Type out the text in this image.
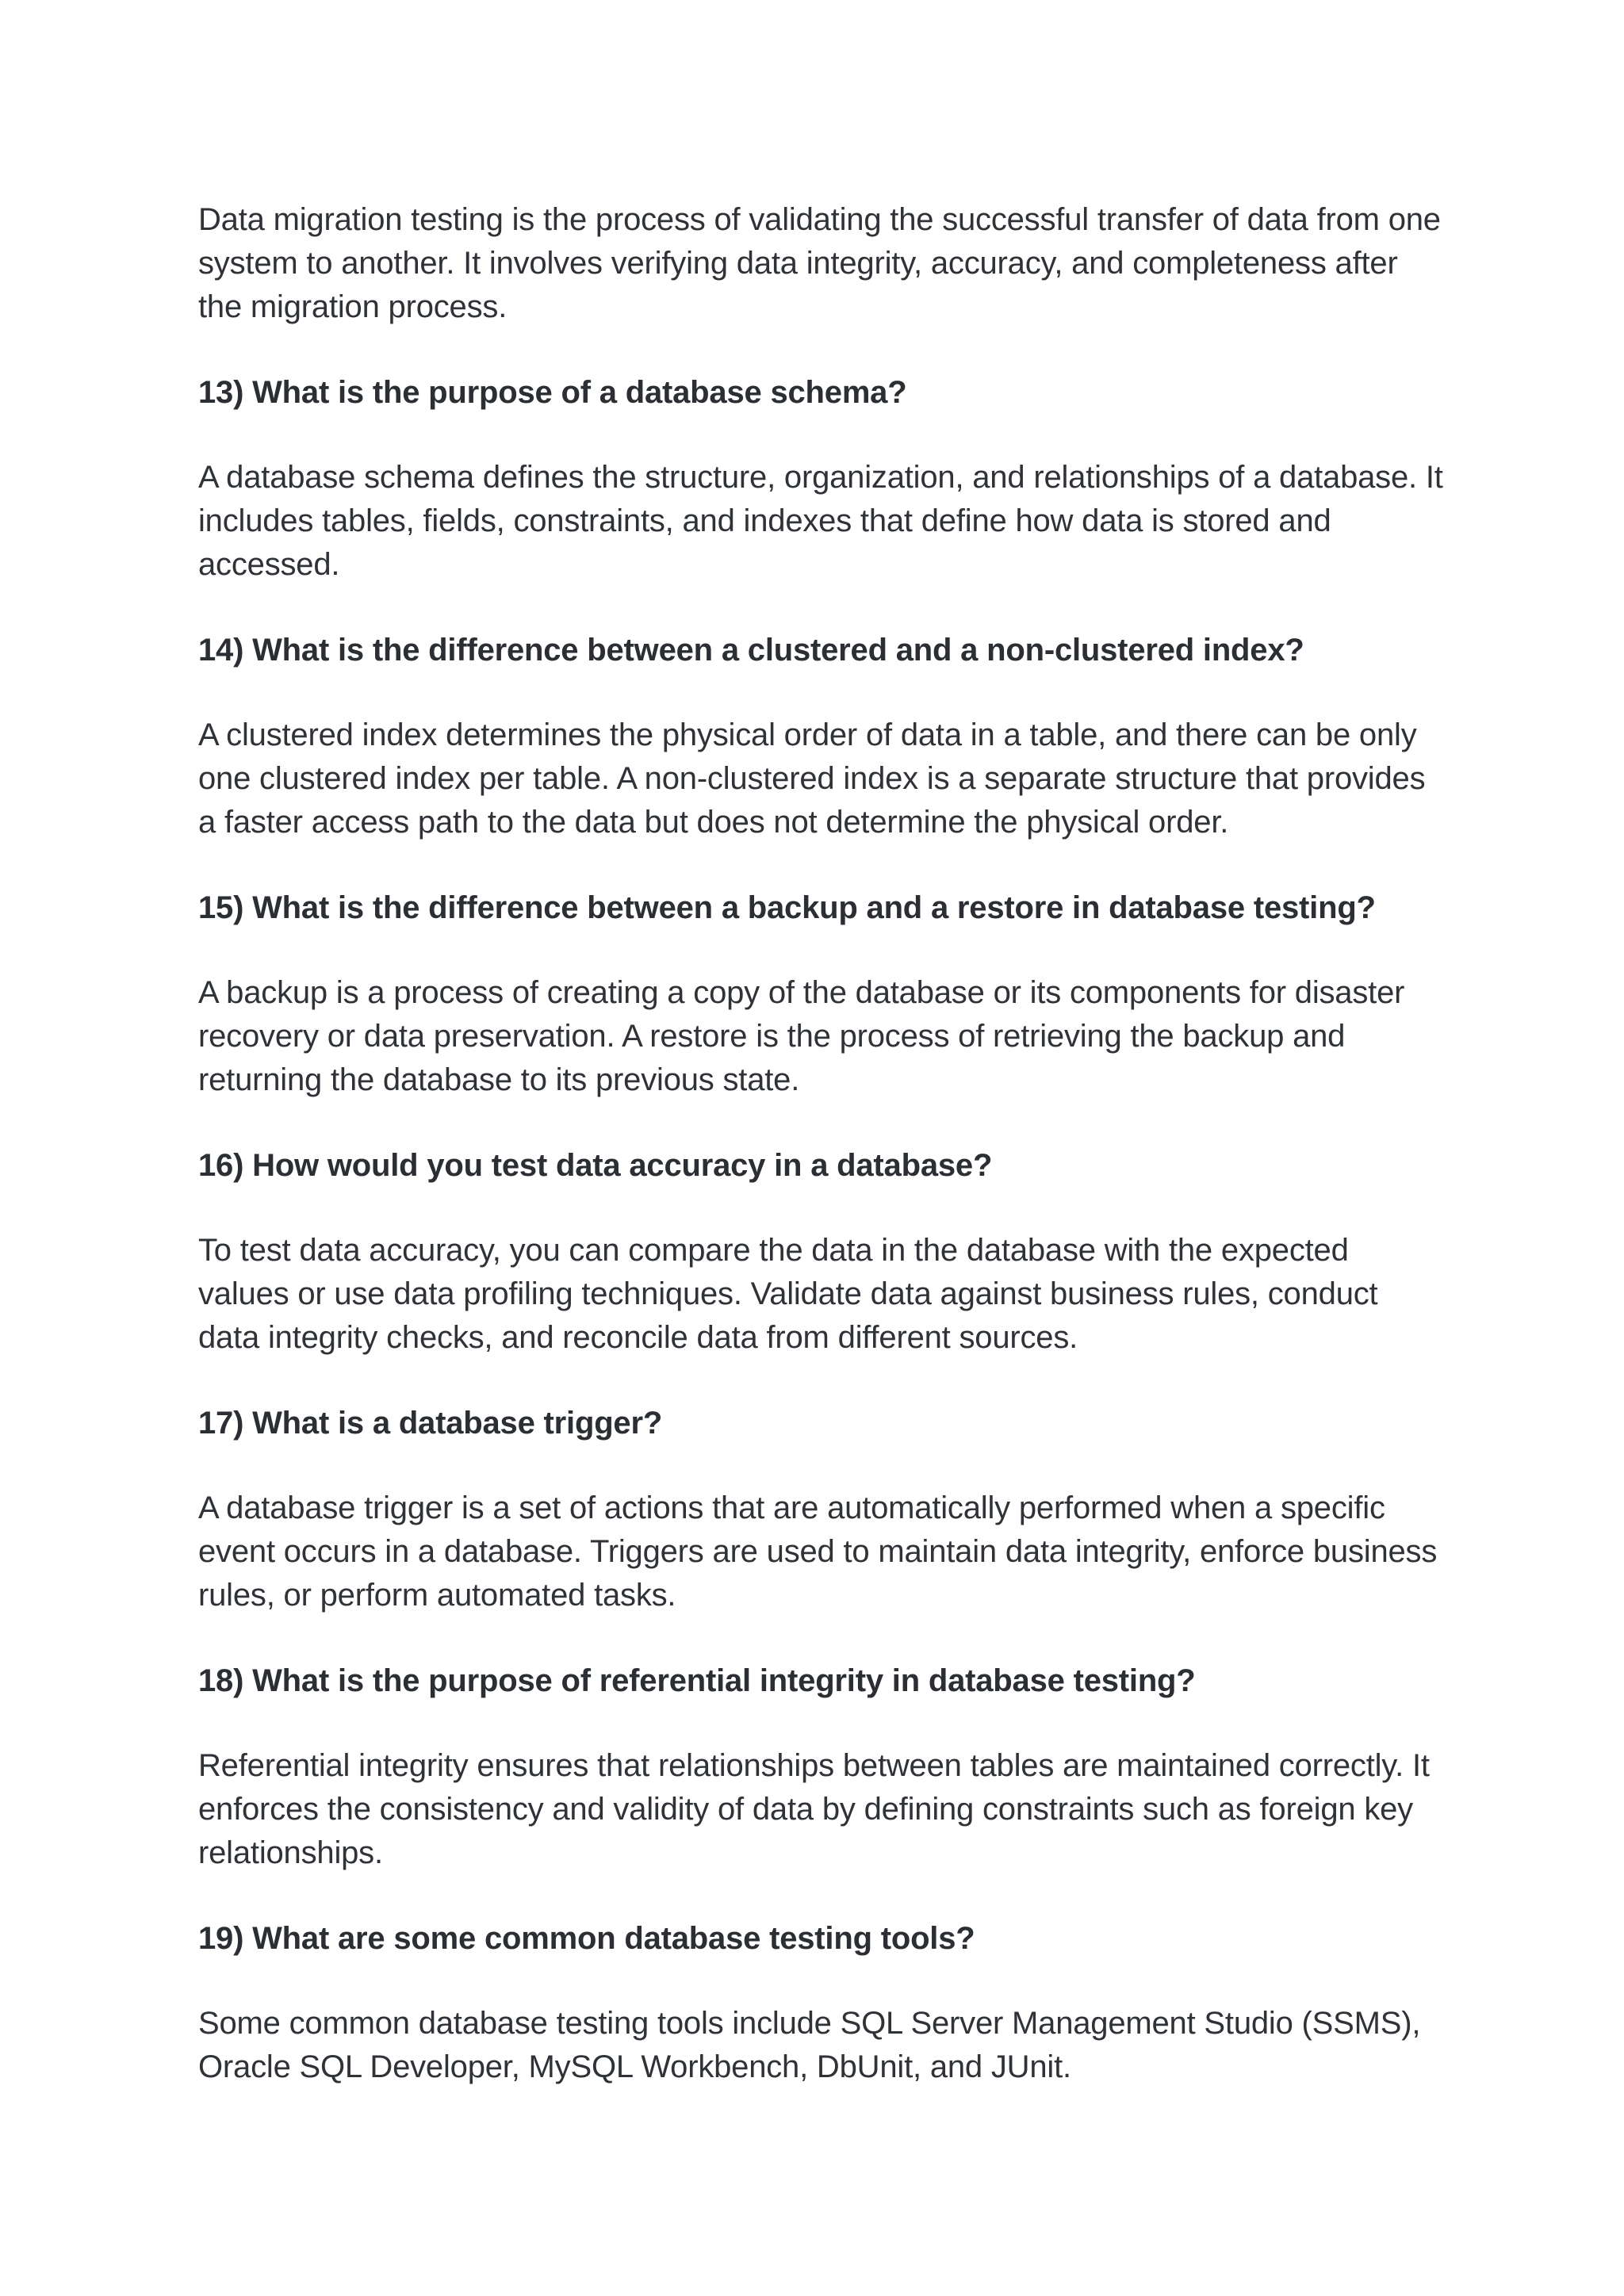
Data migration testing is the process of validating the successful transfer of data from one system to another. It involves verifying data integrity, accuracy, and completeness after the migration process.

13) What is the purpose of a database schema?

A database schema defines the structure, organization, and relationships of a database. It includes tables, fields, constraints, and indexes that define how data is stored and accessed.

14) What is the difference between a clustered and a non-clustered index?

A clustered index determines the physical order of data in a table, and there can be only one clustered index per table. A non-clustered index is a separate structure that provides a faster access path to the data but does not determine the physical order.

15) What is the difference between a backup and a restore in database testing?

A backup is a process of creating a copy of the database or its components for disaster recovery or data preservation. A restore is the process of retrieving the backup and returning the database to its previous state.

16) How would you test data accuracy in a database?

To test data accuracy, you can compare the data in the database with the expected values or use data profiling techniques. Validate data against business rules, conduct data integrity checks, and reconcile data from different sources.

17) What is a database trigger?

A database trigger is a set of actions that are automatically performed when a specific event occurs in a database. Triggers are used to maintain data integrity, enforce business rules, or perform automated tasks.

18) What is the purpose of referential integrity in database testing?

Referential integrity ensures that relationships between tables are maintained correctly. It enforces the consistency and validity of data by defining constraints such as foreign key relationships.

19) What are some common database testing tools?

Some common database testing tools include SQL Server Management Studio (SSMS), Oracle SQL Developer, MySQL Workbench, DbUnit, and JUnit.
